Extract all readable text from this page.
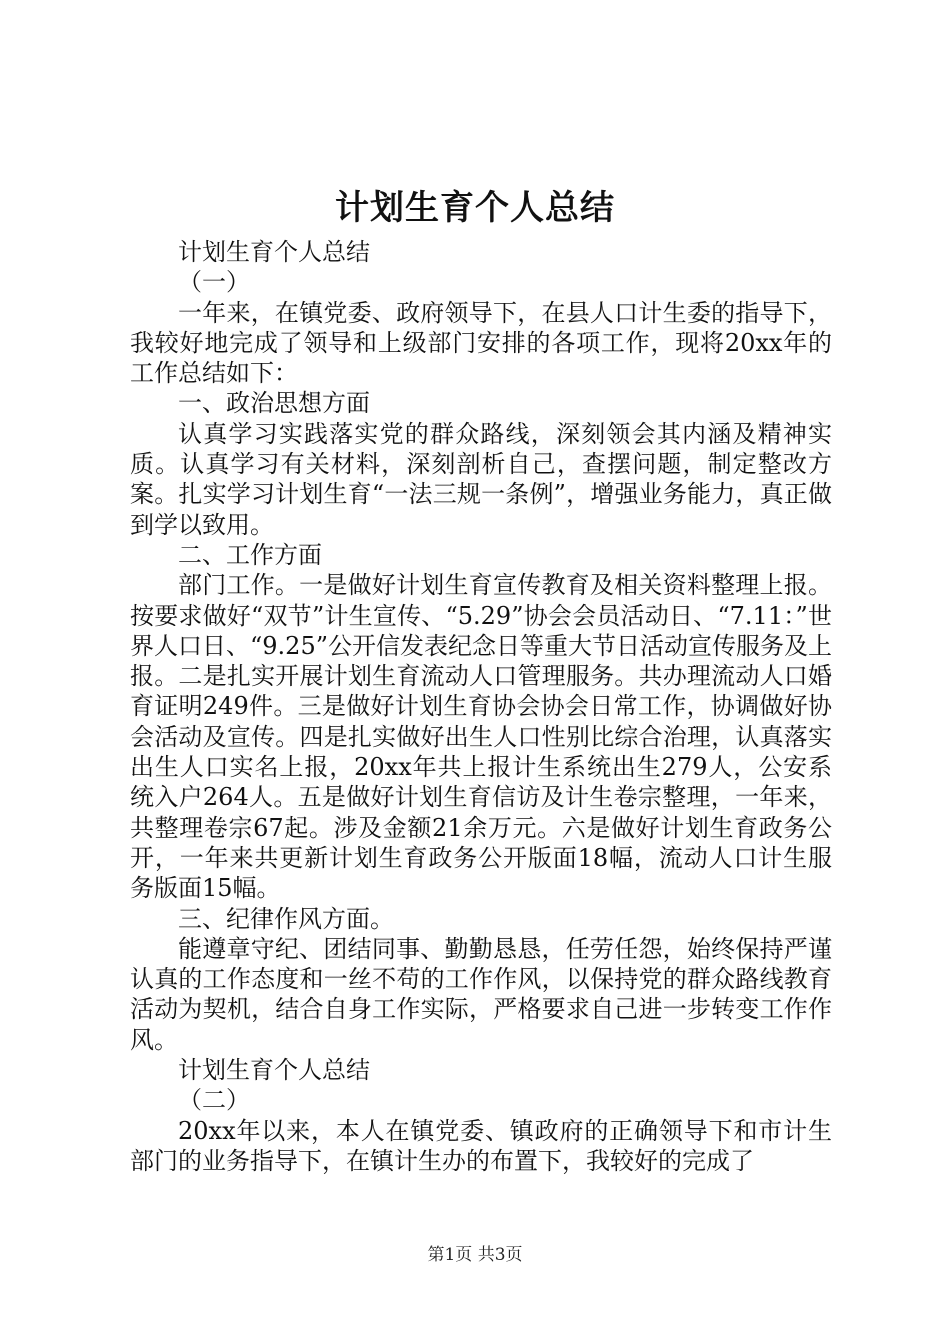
计划生育个人总结

计划生育个人总结

（一）

一年来，在镇党委、政府领导下，在县人口计生委的指导下，我较好地完成了领导和上级部门安排的各项工作，现将20xx年的工作总结如下：

一、政治思想方面

认真学习实践落实党的群众路线，深刻领会其内涵及精神实质。认真学习有关材料，深刻剖析自己，查摆问题，制定整改方案。扎实学习计划生育“一法三规一条例”，增强业务能力，真正做到学以致用。

二、工作方面

部门工作。一是做好计划生育宣传教育及相关资料整理上报。按要求做好“双节”计生宣传、“5.29”协会会员活动日、“7.11：”世界人口日、“9.25”公开信发表纪念日等重大节日活动宣传服务及上报。二是扎实开展计划生育流动人口管理服务。共办理流动人口婚育证明249件。三是做好计划生育协会协会日常工作，协调做好协会活动及宣传。四是扎实做好出生人口性别比综合治理，认真落实出生人口实名上报，20xx年共上报计生系统出生279人，公安系统入户264人。五是做好计划生育信访及计生卷宗整理，一年来，共整理卷宗67起。涉及金额21余万元。六是做好计划生育政务公开，一年来共更新计划生育政务公开版面18幅，流动人口计生服务版面15幅。

三、纪律作风方面。

能遵章守纪、团结同事、勤勤恳恳，任劳任怨，始终保持严谨认真的工作态度和一丝不苟的工作作风，以保持党的群众路线教育活动为契机，结合自身工作实际，严格要求自己进一步转变工作作风。

计划生育个人总结

（二）

20xx年以来，本人在镇党委、镇政府的正确领导下和市计生部门的业务指导下，在镇计生办的布置下，我较好的完成了

第1页 共3页
